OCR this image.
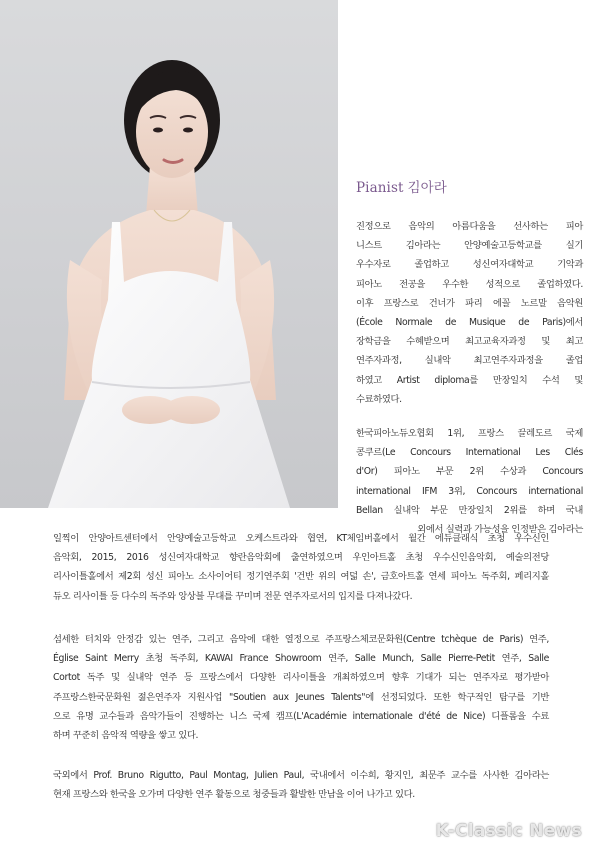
Pianist 김아라
진정으로 음악의 아름다움을 선사하는 피아
니스트 김아라는 안양예술고등학교를 실기
우수자로 졸업하고 성신여자대학교 기악과
피아노 전공을 우수한 성적으로 졸업하였다.
이후 프랑스로 건너가 파리 에꼴 노르말 음악원
(École Normale de Musique de Paris)에서
장학금을 수혜받으며 최고교육자과정 및 최고
연주자과정, 실내악 최고연주자과정을 졸업
하였고 Artist diploma를 만장일치 수석 및
수료하였다.
한국피아노듀오협회 1위, 프랑스 끌레도르 국제
콩쿠르(Le Concours International Les Clés
d'Or) 피아노 부문 2위 수상과 Concours
international IFM 3위, Concours international
Bellan 실내악 부문 만장일치 2위를 하며 국내
외에서 실력과 가능성을 인정받은 김아라는
일찍이 안양아트센터에서 안양예술고등학교 오케스트라와 협연, KT체임버홀에서 월간 에듀클래식 초청 우수신인
음악회, 2015, 2016 성신여자대학교 향란음악회에 출연하였으며 우인아트홀 초청 우수신인음악회, 예술의전당
리사이틀홀에서 제2회 성신 피아노 소사이어티 정기연주회 '건반 위의 여덟 손', 금호아트홀 연세 피아노 독주회, 페리지홀
듀오 리사이틀 등 다수의 독주와 앙상블 무대를 꾸미며 전문 연주자로서의 입지를 다져나갔다.
섬세한 터치와 안정감 있는 연주, 그리고 음악에 대한 열정으로 주프랑스체코문화원(Centre tchèque de Paris) 연주,
Église Saint Merry 초청 독주회, KAWAI France Showroom 연주, Salle Munch, Salle Pierre-Petit 연주, Salle
Cortot 독주 및 실내악 연주 등 프랑스에서 다양한 리사이틀을 개최하였으며 향후 기대가 되는 연주자로 평가받아
주프랑스한국문화원 젊은연주자 지원사업 "Soutien aux Jeunes Talents"에 선정되었다. 또한 학구적인 탐구를 기반
으로 유명 교수들과 음악가들이 진행하는 니스 국제 캠프(L'Académie internationale d'été de Nice) 디플롬을 수료
하며 꾸준히 음악적 역량을 쌓고 있다.
국외에서 Prof. Bruno Rigutto, Paul Montag, Julien Paul, 국내에서 이수희, 황지인, 최문주 교수를 사사한 김아라는
현재 프랑스와 한국을 오가며 다양한 연주 활동으로 청중들과 활발한 만남을 이어 나가고 있다.
K-Classic News
